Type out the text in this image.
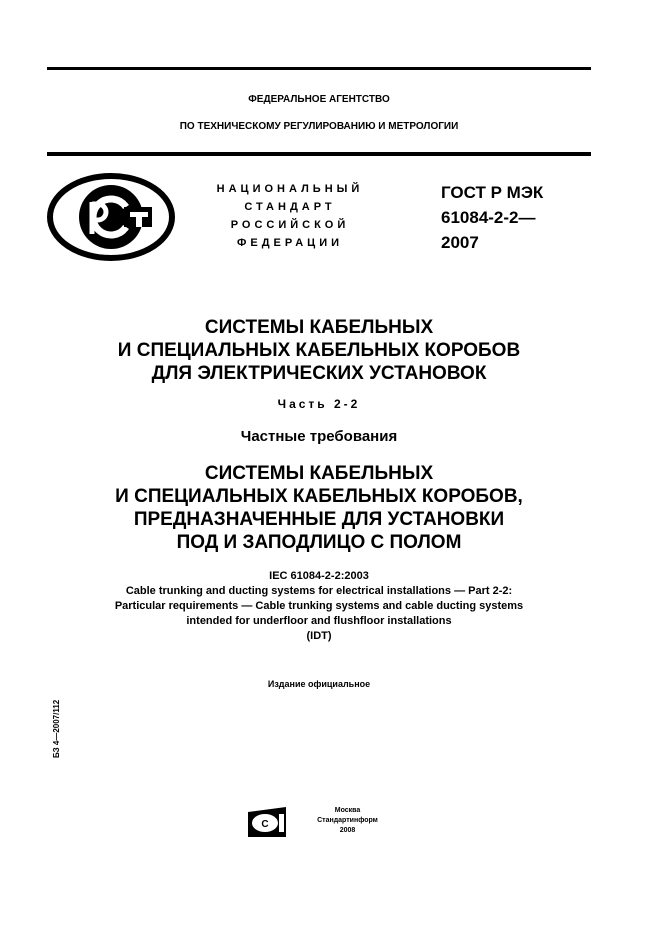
ФЕДЕРАЛЬНОЕ АГЕНТСТВО
ПО ТЕХНИЧЕСКОМУ РЕГУЛИРОВАНИЮ И МЕТРОЛОГИИ
НАЦИОНАЛЬНЫЙ
СТАНДАРТ
РОССИЙСКОЙ
ФЕДЕРАЦИИ
ГОСТ Р МЭК
61084-2-2—
2007
СИСТЕМЫ КАБЕЛЬНЫХ
И СПЕЦИАЛЬНЫХ КАБЕЛЬНЫХ КОРОБОВ
ДЛЯ ЭЛЕКТРИЧЕСКИХ УСТАНОВОК
Часть 2-2
Частные требования
СИСТЕМЫ КАБЕЛЬНЫХ
И СПЕЦИАЛЬНЫХ КАБЕЛЬНЫХ КОРОБОВ,
ПРЕДНАЗНАЧЕННЫЕ ДЛЯ УСТАНОВКИ
ПОД И ЗАПОДЛИЦО С ПОЛОМ
IEC 61084-2-2:2003
Cable trunking and ducting systems for electrical installations — Part 2-2:
Particular requirements — Cable trunking systems and cable ducting systems
intended for underfloor and flushfloor installations
(IDT)
Издание официальное
БЗ 4—2007/112
С
Москва
Стандартинформ
2008
